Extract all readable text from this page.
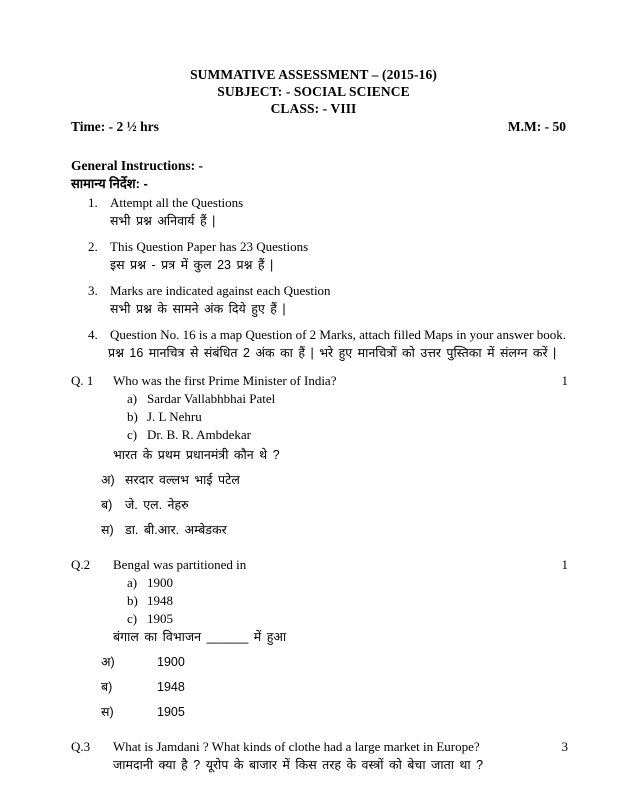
SUMMATIVE ASSESSMENT – (2015-16)
SUBJECT: - SOCIAL SCIENCE
CLASS: - VIII
Time: - 2 ½ hrs	M.M: - 50
General Instructions: -
सामान्य निर्देश: -
1. Attempt all the Questions
सभी प्रश्न अनिवार्य हैं |
2. This Question Paper has 23 Questions
इस प्रश्न - प्रत्र में कुल 23 प्रश्न हैं |
3. Marks are indicated against each Question
सभी प्रश्न के सामने अंक दिये हुए हैं |
4. Question No. 16 is a map Question of 2 Marks, attach filled Maps in your answer book.
प्रश्न 16 मानचित्र से संबंधित 2 अंक का हैं | भरे हुए मानचित्रों को उत्तर पुस्तिका में संलग्न करें |
Q. 1	Who was the first Prime Minister of India?	1
a) Sardar Vallabhbhai Patel
b) J. L Nehru
c) Dr. B. R. Ambdekar
भारत के प्रथम प्रधानमंत्री कौन थे ?
अ) सरदार वल्लभ भाई पटेल
ब)	जे. एल. नेहरु
स) डा. बी.आर. अम्बेडकर
Q.2	Bengal was partitioned in	1
a) 1900
b) 1948
c) 1905
बंगाल का विभाजन ______ में हुआ
अ)	1900
ब)	1948
स)	1905
Q.3	What is Jamdani ? What kinds of clothe had a large market in Europe?	3
जामदानी क्या है ? यूरोप के बाजार में किस तरह के वस्त्रों को बेचा जाता था ?
